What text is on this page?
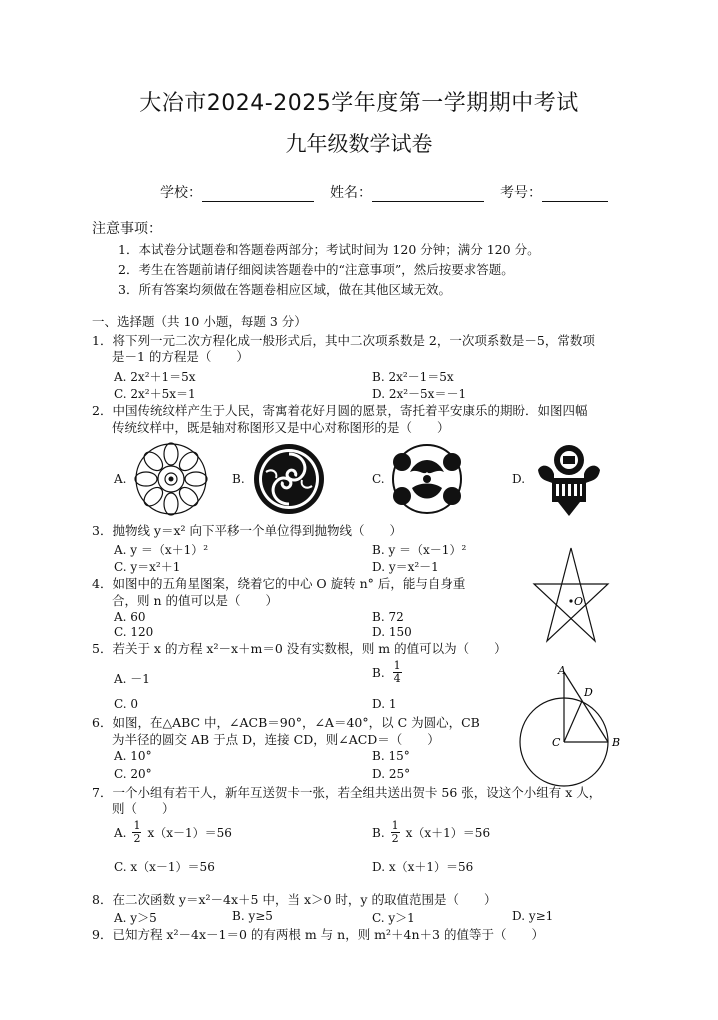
大冶市2024-2025学年度第一学期期中考试
九年级数学试卷
学校：	姓名：	考号：
注意事项：
1．本试卷分试题卷和答题卷两部分；考试时间为 120 分钟；满分 120 分。
2．考生在答题前请仔细阅读答题卷中的“注意事项”，然后按要求答题。
3．所有答案均须做在答题卷相应区域，做在其他区域无效。
一、选择题（共 10 小题，每题 3 分）
1．将下列一元二次方程化成一般形式后，其中二次项系数是 2，一次项系数是－5，常数项
是－1 的方程是（　　）
A. 2x²＋1＝5x	B. 2x²－1＝5x
C. 2x²＋5x＝1	D. 2x²－5x＝－1
2．中国传统纹样产生于人民，寄寓着花好月圆的愿景，寄托着平安康乐的期盼．如图四幅
传统纹样中，既是轴对称图形又是中心对称图形的是（　　）
A.	B.	C.	D.
3．抛物线 y＝x² 向下平移一个单位得到抛物线（　　）
A. y ＝（x＋1）²	B. y ＝（x－1）²
C. y＝x²＋1	D. y＝x²－1
4．如图中的五角星图案，绕着它的中心 O 旋转 n° 后，能与自身重
合，则 n 的值可以是（　　）
A. 60	B. 72
C. 120	D. 150
O
5．若关于 x 的方程 x²－x＋m＝0 没有实数根，则 m 的值可以为（　　）
A. －1	B. $\frac{1}{4}$
C. 0	D. 1
A
D
C	B
6．如图，在△ABC 中，∠ACB＝90°，∠A＝40°，以 C 为圆心，CB
为半径的圆交 AB 于点 D，连接 CD，则∠ACD＝（　　）
A. 10°	B. 15°
C. 20°	D. 25°
7．一个小组有若干人，新年互送贺卡一张，若全组共送出贺卡 56 张，设这个小组有 x 人，
则（　　）
A. $\frac{1}{2} x(x-1)=56$	B. $\frac{1}{2} x(x+1)=56$
C. x（x－1）＝56	D. x（x＋1）＝56
8．在二次函数 y＝x²－4x＋5 中，当 x＞0 时，y 的取值范围是（　　）
A. y＞5	B. y≥5	C. y＞1	D. y≥1
9．已知方程 x²－4x－1＝0 的有两根 m 与 n，则 m²＋4n＋3 的值等于（　　）
